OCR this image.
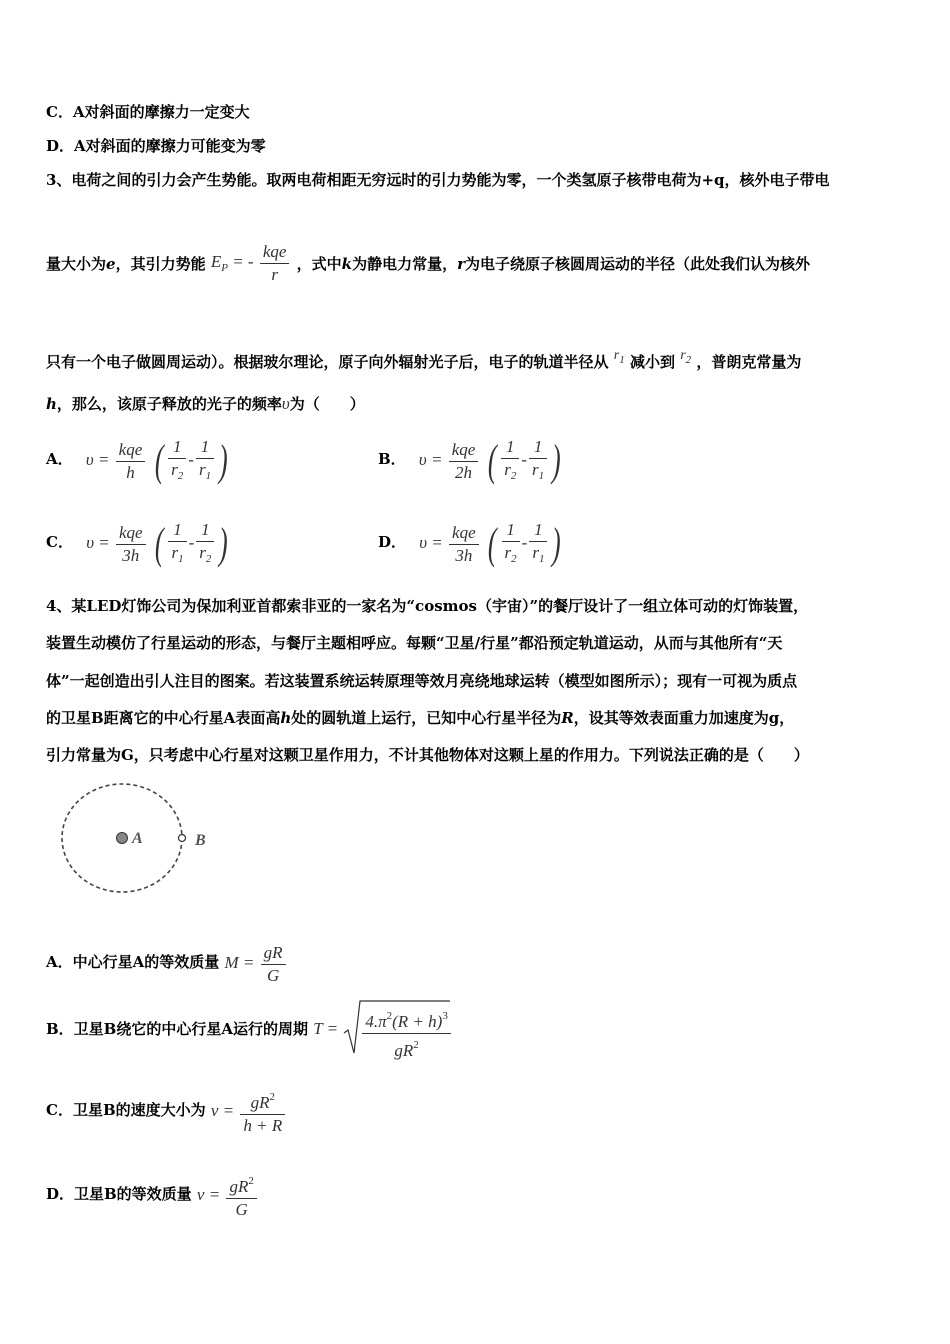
C．A对斜面的摩擦力一定变大
D．A对斜面的摩擦力可能变为零
3、电荷之间的引力会产生势能。取两电荷相距无穷远时的引力势能为零，一个类氢原子核带电荷为+q，核外电子带电
量大小为e，其引力势能 $E_P$ = - $\frac{\text{kqe}}{r}$ ，式中k为静电力常量，r为电子绕原子核圆周运动的半径（此处我们认为核外
只有一个电子做圆周运动）。根据玻尔理论，原子向外辐射光子后，电子的轨道半径从 $r_1$ 减小到 $r_2$ ，普朗克常量为
h，那么，该原子释放的光子的频率υ为（　　）
A． $\upsilon = \frac{\text{kqe}}{h}$ ( $\frac{1}{r_2} - \frac{1}{r_1}$ )	B． $\upsilon = \frac{\text{kqe}}{2h}$ ( $\frac{1}{r_2} - \frac{1}{r_1}$ )
C． $\upsilon = \frac{\text{kqe}}{3h}$ ( $\frac{1}{r_1} - \frac{1}{r_2}$ )	D． $\upsilon = \frac{\text{kqe}}{3h}$ ( $\frac{1}{r_2} - \frac{1}{r_1}$ )
4、某LED灯饰公司为保加利亚首都索非亚的一家名为“cosmos（宇宙）”的餐厅设计了一组立体可动的灯饰装置，
装置生动模仿了行星运动的形态，与餐厅主题相呼应。每颗“卫星/行星”都沿预定轨道运动，从而与其他所有“天
体”一起创造出引人注目的图案。若这装置系统运转原理等效月亮绕地球运转（模型如图所示）；现有一可视为质点
的卫星B距离它的中心行星A表面高h处的圆轨道上运行，已知中心行星半径为R，设其等效表面重力加速度为g，
引力常量为G，只考虑中心行星对这颗卫星作用力，不计其他物体对这颗上星的作用力。下列说法正确的是（　　）
A	B
A．中心行星A的等效质量 $M = \frac{gR}{G}$
B．卫星B绕它的中心行星A运行的周期 $T = \frac{4.\pi^2(R + h)^3}{gR^2}$
C．卫星B的速度大小为 $v = \frac{gR^2}{h + R}$
D．卫星B的等效质量 $v = \frac{gR^2}{G}$
